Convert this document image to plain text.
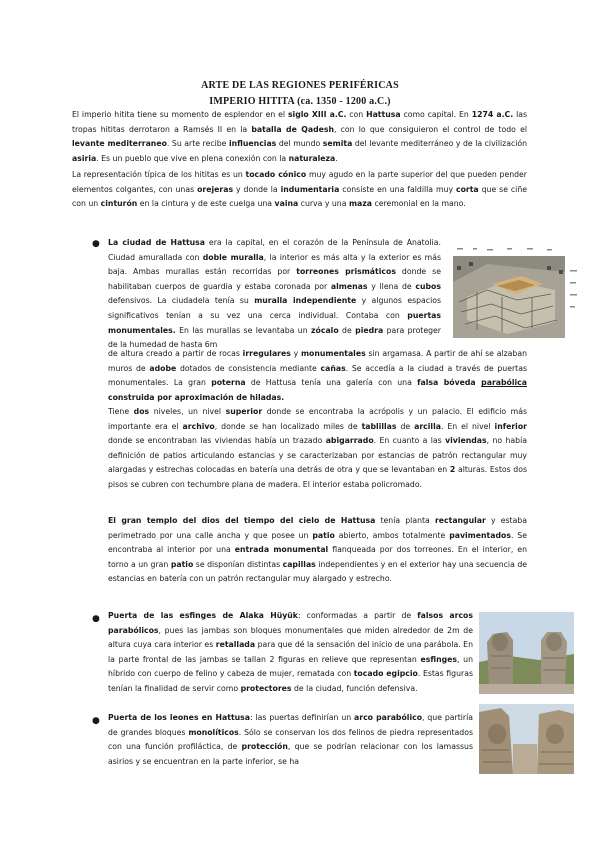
ARTE DE LAS REGIONES PERIFÉRICAS
IMPERIO HITITA (ca. 1350 - 1200 a.C.)

El imperio hitita tiene su momento de esplendor en el siglo XIII a.C. con Hattusa como capital. En 1274 a.C. las tropas hititas derrotaron a Ramsés II en la batalla de Qadesh, con lo que consiguieron el control de todo el levante mediterraneo. Su arte recibe influencias del mundo semita del levante mediterráneo y de la civilización asiria. Es un pueblo que vive en plena conexión con la naturaleza.

La representación típica de los hititas es un tocado cónico muy agudo en la parte superior del que pueden pender elementos colgantes, con unas orejeras y donde la indumentaria consiste en una faldilla muy corta que se ciñe con un cinturón en la cintura y de este cuelga una vaina curva y una maza ceremonial en la mano.

● La ciudad de Hattusa era la capital, en el corazón de la Península de Anatolia. Ciudad amurallada con doble muralla, la interior es más alta y la exterior es más baja. Ambas murallas están recorridas por torreones prismáticos donde se habilitaban cuerpos de guardia y estaba coronada por almenas y llena de cubos defensivos. La ciudadela tenía su muralla independiente y algunos espacios significativos tenían a su vez una cerca individual. Contaba con puertas monumentales. En las murallas se levantaba un zócalo de piedra para proteger de la humedad de hasta 6m

de altura creado a partir de rocas irregulares y monumentales sin argamasa. A partir de ahí se alzaban muros de adobe dotados de consistencia mediante cañas. Se accedía a la ciudad a través de puertas monumentales. La gran poterna de Hattusa tenía una galería con una falsa bóveda parabólica construida por aproximación de hiladas.

Tiene dos niveles, un nivel superior donde se encontraba la acrópolis y un palacio. El edificio más importante era el archivo, donde se han localizado miles de tablillas de arcilla. En el nivel inferior donde se encontraban las viviendas había un trazado abigarrado. En cuanto a las viviendas, no había definición de patios articulando estancias y se caracterizaban por estancias de patrón rectangular muy alargadas y estrechas colocadas en batería una detrás de otra y que se levantaban en 2 alturas. Estos dos pisos se cubren con techumbre plana de madera. El interior estaba policromado.

El gran templo del dios del tiempo del cielo de Hattusa tenía planta rectangular y estaba perimetrado por una calle ancha y que posee un patio abierto, ambos totalmente pavimentados. Se encontraba al interior por una entrada monumental flanqueada por dos torreones. En el interior, en torno a un gran patio se disponían distintas capillas independientes y en el exterior hay una secuencia de estancias en batería con un patrón rectangular muy alargado y estrecho.

● Puerta de las esfinges de Alaka Hüyük: conformadas a partir de falsos arcos parabólicos, pues las jambas son bloques monumentales que miden alrededor de 2m de altura cuya cara interior es retallada para que dé la sensación del inicio de una parábola. En la parte frontal de las jambas se tallan 2 figuras en relieve que representan esfinges, un híbrido con cuerpo de felino y cabeza de mujer, rematada con tocado egipcio. Estas figuras tenían la finalidad de servir como protectores de la ciudad, función defensiva.

● Puerta de los leones en Hattusa: las puertas definirían un arco parabólico, que partiría de grandes bloques monolíticos. Sólo se conservan los dos felinos de piedra representados con una función profiláctica, de protección, que se podrían relacionar con los lamassus asirios y se encuentran en la parte inferior, se ha
